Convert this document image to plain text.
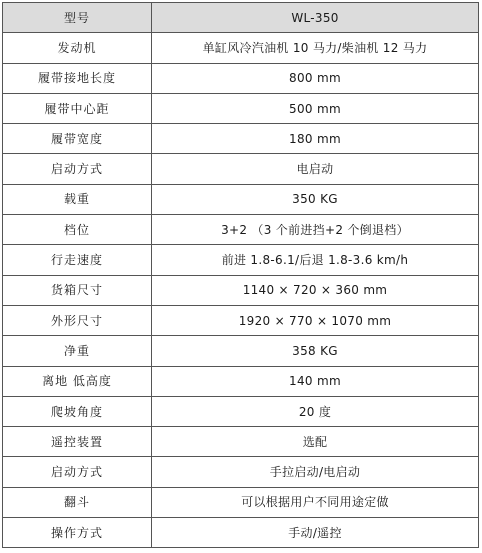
型号	WL-350
发动机	单缸风冷汽油机 10 马力/柴油机 12 马力
履带接地长度	800 mm
履带中心距	500 mm
履带宽度	180 mm
启动方式	电启动
载重	350 KG
档位	3+2 （3 个前进挡+2 个倒退档）
行走速度	前进 1.8-6.1/后退 1.8-3.6 km/h
货箱尺寸	1140 × 720 × 360 mm
外形尺寸	1920 × 770 × 1070 mm
净重	358 KG
离地 低高度	140 mm
爬坡角度	20 度
遥控装置	选配
启动方式	手拉启动/电启动
翻斗	可以根据用户不同用途定做
操作方式	手动/遥控
